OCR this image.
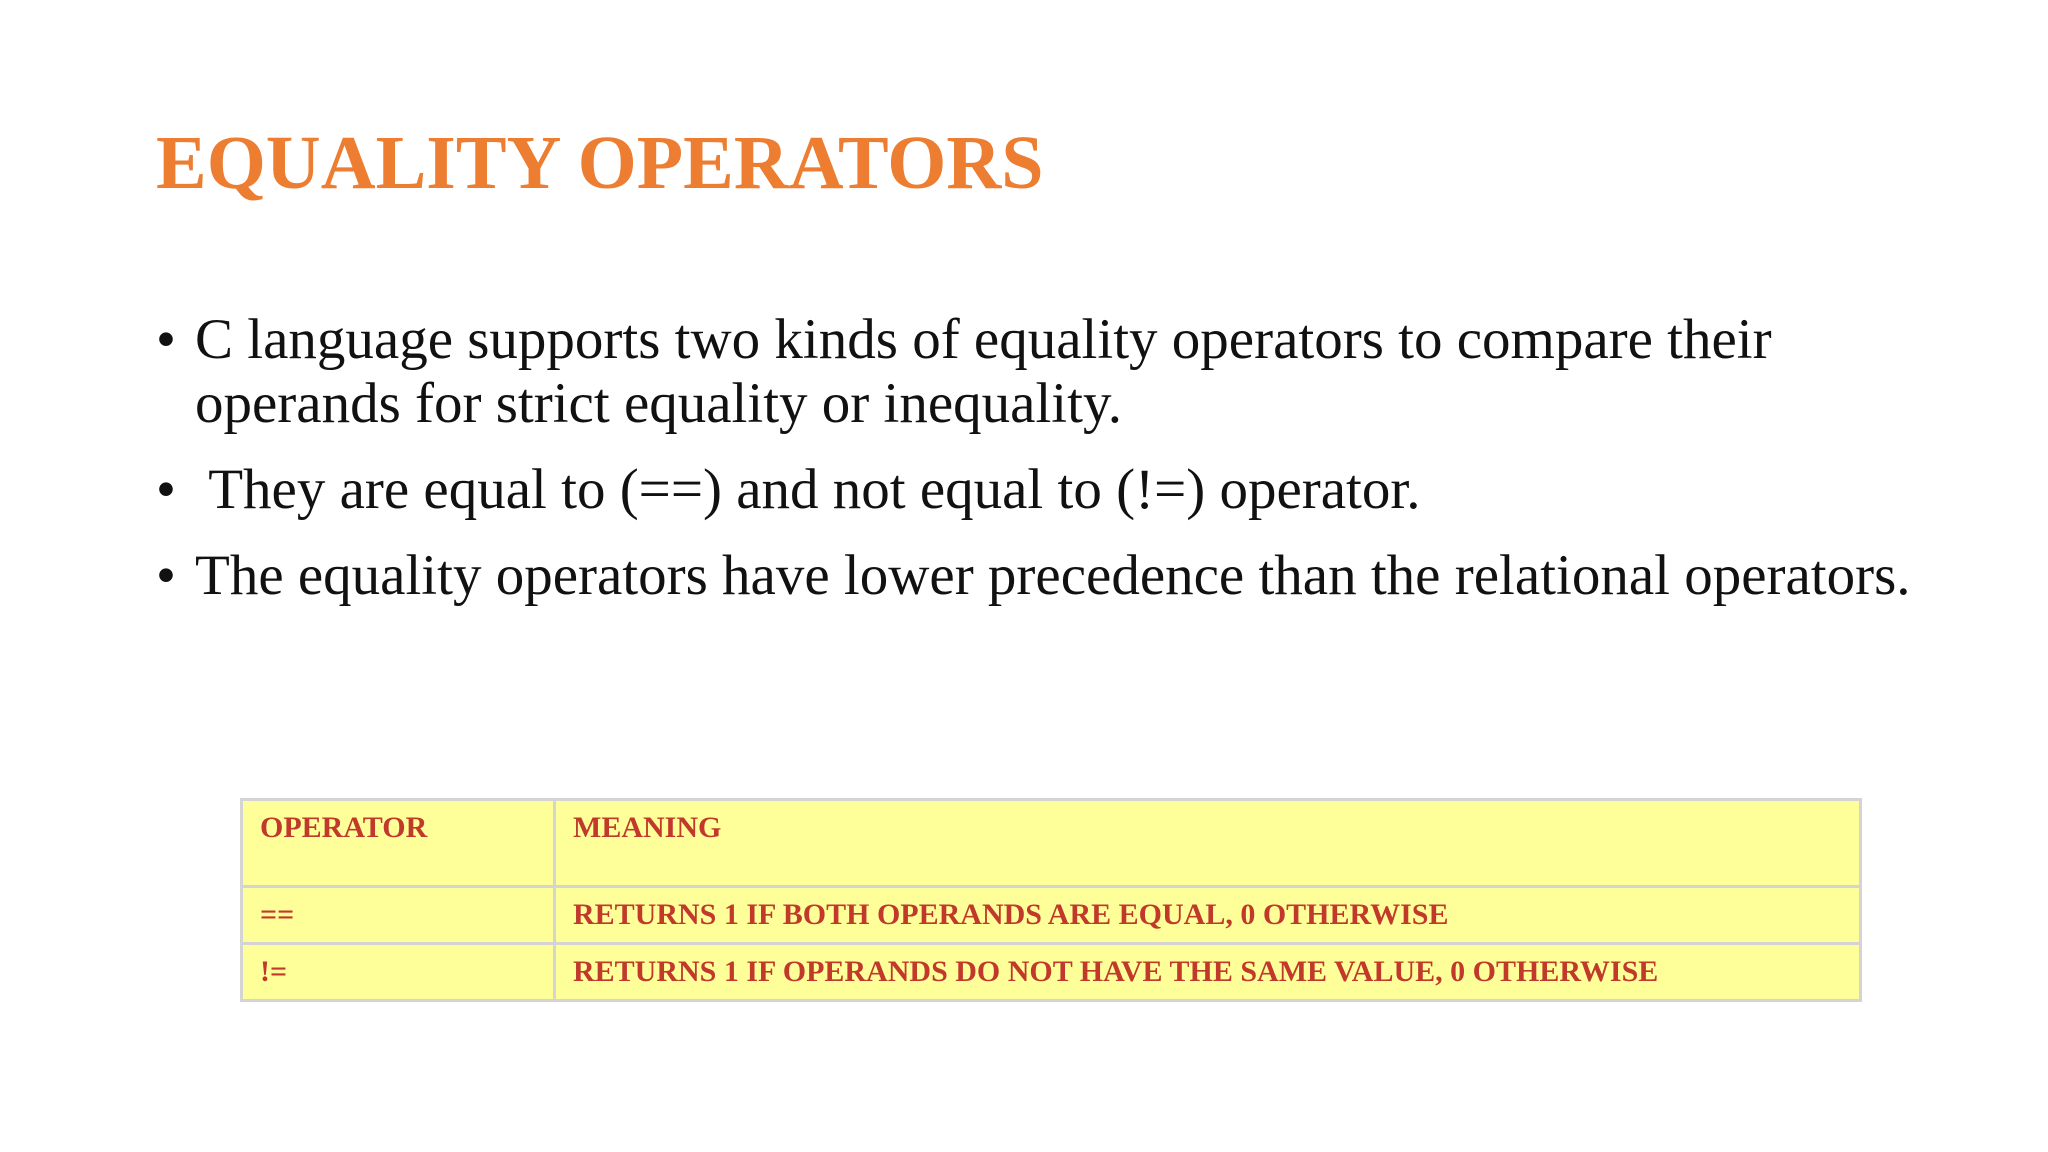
EQUALITY OPERATORS
• C language supports two kinds of equality operators to compare their operands for strict equality or inequality.
• They are equal to (==) and not equal to (!=) operator.
• The equality operators have lower precedence than the relational operators.
OPERATOR	MEANING
==	RETURNS 1 IF BOTH OPERANDS ARE EQUAL, 0 OTHERWISE
!=	RETURNS 1 IF OPERANDS DO NOT HAVE THE SAME VALUE, 0 OTHERWISE
